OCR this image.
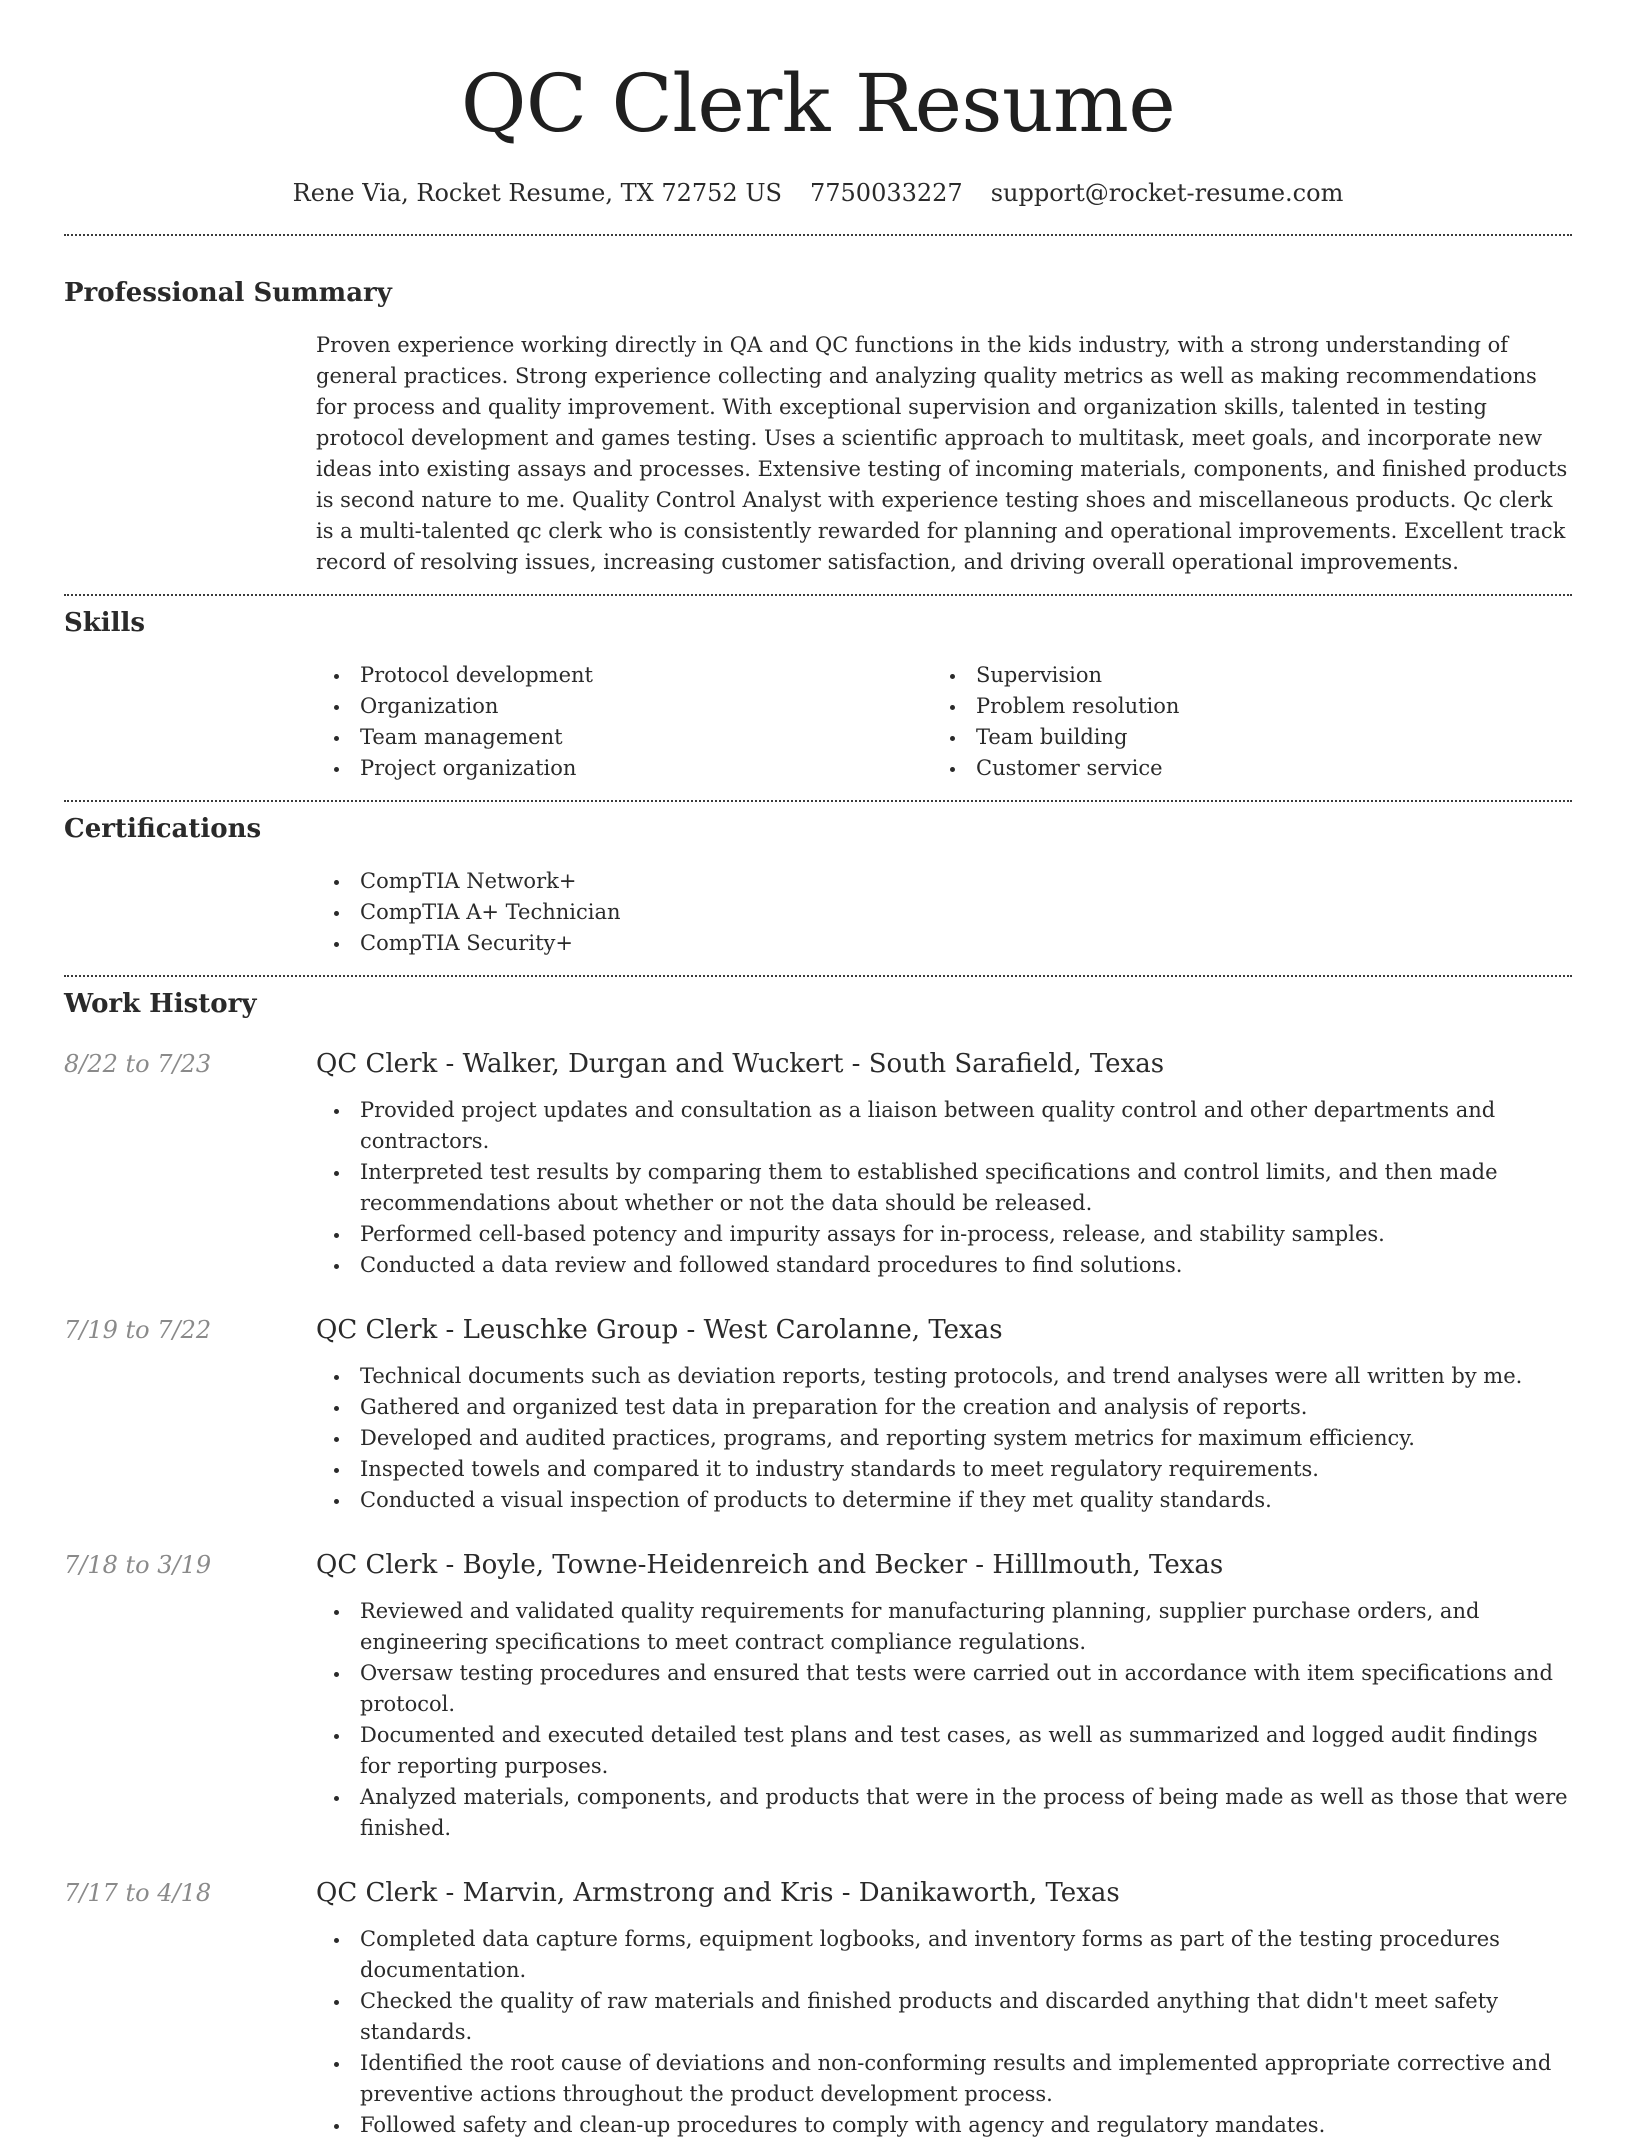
QC Clerk Resume
Rene Via, Rocket Resume, TX 72752 US 7750033227 support@rocket-resume.com
Professional Summary

Proven experience working directly in QA and QC functions in the kids industry, with a strong understanding of general practices. Strong experience collecting and analyzing quality metrics as well as making recommendations for process and quality improvement. With exceptional supervision and organization skills, talented in testing protocol development and games testing. Uses a scientific approach to multitask, meet goals, and incorporate new ideas into existing assays and processes. Extensive testing of incoming materials, components, and finished products is second nature to me. Quality Control Analyst with experience testing shoes and miscellaneous products. Qc clerk is a multi-talented qc clerk who is consistently rewarded for planning and operational improvements. Excellent track record of resolving issues, increasing customer satisfaction, and driving overall operational improvements.

Skills
Protocol development
Organization
Team management
Project organization
Supervision
Problem resolution
Team building
Customer service
Certifications
CompTIA Network+
CompTIA A+ Technician
CompTIA Security+
Work History
8/22 to 7/23	QC Clerk - Walker, Durgan and Wuckert - South Sarafield, Texas
Provided project updates and consultation as a liaison between quality control and other departments and contractors.
Interpreted test results by comparing them to established specifications and control limits, and then made recommendations about whether or not the data should be released.
Performed cell-based potency and impurity assays for in-process, release, and stability samples.
Conducted a data review and followed standard procedures to find solutions.
7/19 to 7/22	QC Clerk - Leuschke Group - West Carolanne, Texas
Technical documents such as deviation reports, testing protocols, and trend analyses were all written by me.
Gathered and organized test data in preparation for the creation and analysis of reports.
Developed and audited practices, programs, and reporting system metrics for maximum efficiency.
Inspected towels and compared it to industry standards to meet regulatory requirements.
Conducted a visual inspection of products to determine if they met quality standards.
7/18 to 3/19	QC Clerk - Boyle, Towne-Heidenreich and Becker - Hilllmouth, Texas
Reviewed and validated quality requirements for manufacturing planning, supplier purchase orders, and engineering specifications to meet contract compliance regulations.
Oversaw testing procedures and ensured that tests were carried out in accordance with item specifications and protocol.
Documented and executed detailed test plans and test cases, as well as summarized and logged audit findings for reporting purposes.
Analyzed materials, components, and products that were in the process of being made as well as those that were finished.
7/17 to 4/18	QC Clerk - Marvin, Armstrong and Kris - Danikaworth, Texas
Completed data capture forms, equipment logbooks, and inventory forms as part of the testing procedures documentation.
Checked the quality of raw materials and finished products and discarded anything that didn't meet safety standards.
Identified the root cause of deviations and non-conforming results and implemented appropriate corrective and preventive actions throughout the product development process.
Followed safety and clean-up procedures to comply with agency and regulatory mandates.
